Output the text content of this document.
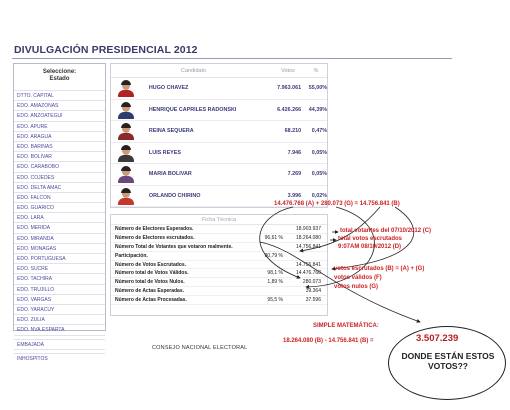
DIVULGACIÓN PRESIDENCIAL 2012
Seleccione:
Estado
DTTO. CAPITAL
EDO. AMAZONAS
EDO. ANZOATEGUI
EDO. APURE
EDO. ARAGUA
EDO. BARINAS
EDO. BOLIVAR
EDO. CARABOBO
EDO. COJEDES
EDO. DELTA AMAC
EDO. FALCON
EDO. GUARICO
EDO. LARA
EDO. MERIDA
EDO. MIRANDA
EDO. MONAGAS
EDO. PORTUGUESA
EDO. SUCRE
EDO. TACHIRA
EDO. TRUJILLO
EDO. VARGAS
EDO. YARACUY
EDO. ZULIA
EDO. NVA.ESPARTA
EMBAJADA
INHOSPITOS
Candidato	Votos	%
HUGO CHAVEZ	7.963.061	55,00%
HENRIQUE CAPRILES RADONSKI	6.426.266	44,39%
REINA SEQUERA	68.210	0,47%
LUIS REYES	7.946	0,05%
MARIA BOLIVAR	7.269	0,05%
ORLANDO CHIRINO	3.996	0,02%
Ficha Técnica
Número de Electores Esperados.	18.903.937
Número de Electores escrutados.	96,61 %	18.264.080
Número Total de Votantes que votaron realmente.	14.756.841
Participación.	80,79 %
Número de Votos Escrutados.	14.756.841
Número total de Votos Válidos.	98,1 %	14.476.768
Número total de Votos Nulos.	1,89 %	280.073
Número de Actas Esperadas.	39.364
Número de Actas Procesadas.	95,5 %	37.596
CONSEJO NACIONAL ELECTORAL
14.476.768 (A) + 280.073 (G) = 14.756.841 (B)
total votantes del 07/10/2012 (C)
total votos escrutados
9:07AM 08/10/2012 (D)
votos escrutados (B) = (A) + (G)
votos válidos (F)
votos nulos (G)
SIMPLE MATEMÁTICA:
18.264.080 (B) - 14.756.841 (B) =	3.507.239
DONDE ESTÁN ESTOS VOTOS??
